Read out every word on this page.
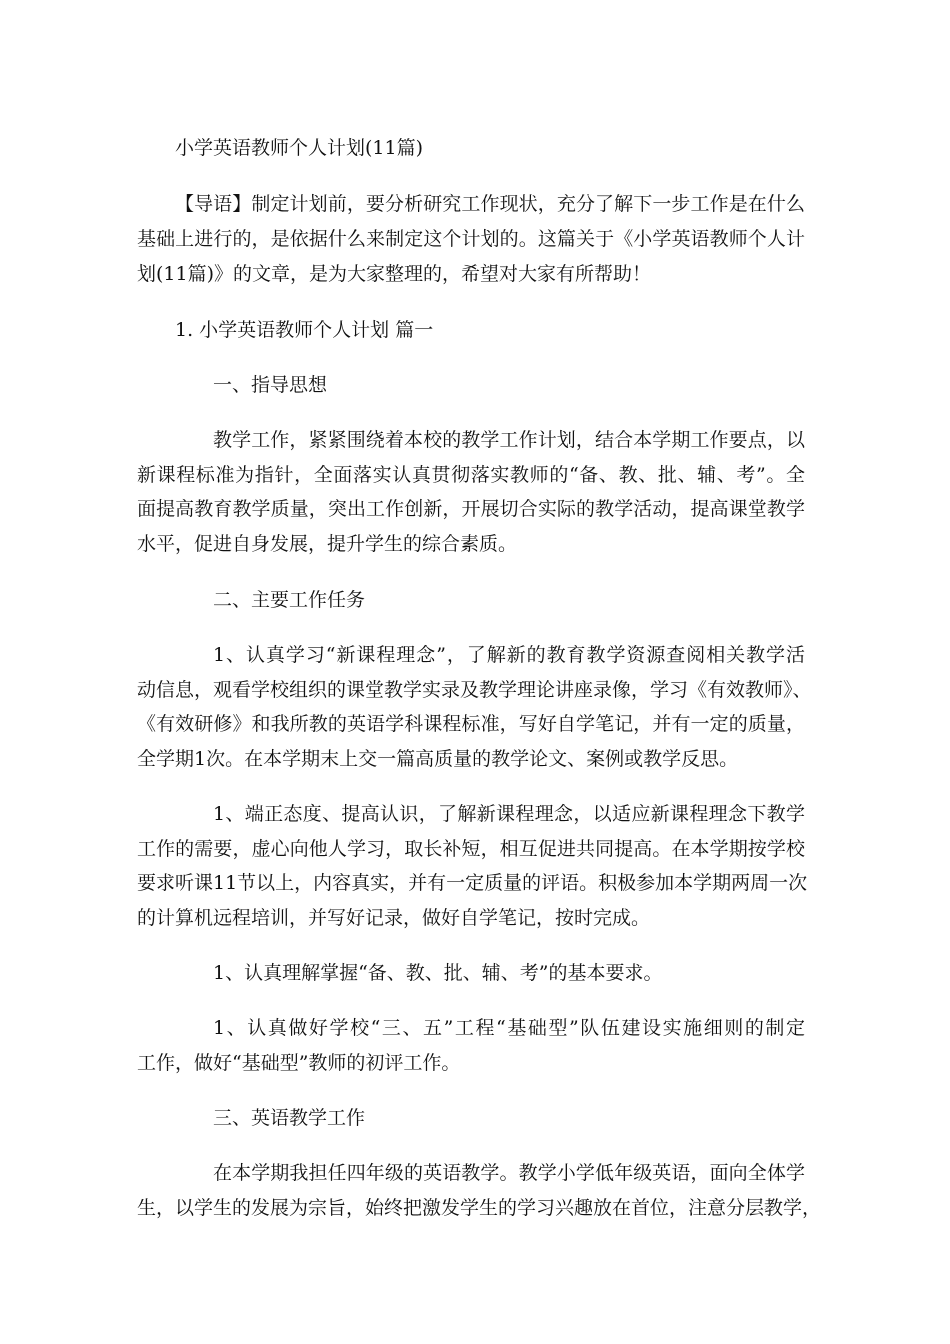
小学英语教师个人计划(11篇)
【导语】制定计划前，要分析研究工作现状，充分了解下一步工作是在什么
基础上进行的，是依据什么来制定这个计划的。这篇关于《小学英语教师个人计
划(11篇)》的文章，是为大家整理的，希望对大家有所帮助！
1. 小学英语教师个人计划 篇一
一、指导思想
教学工作，紧紧围绕着本校的教学工作计划，结合本学期工作要点，以
新课程标准为指针，全面落实认真贯彻落实教师的“备、教、批、辅、考”。全
面提高教育教学质量，突出工作创新，开展切合实际的教学活动，提高课堂教学
水平，促进自身发展，提升学生的综合素质。
二、主要工作任务
1、认真学习“新课程理念”，了解新的教育教学资源查阅相关教学活
动信息，观看学校组织的课堂教学实录及教学理论讲座录像，学习《有效教师》、
《有效研修》和我所教的英语学科课程标准，写好自学笔记，并有一定的质量，
全学期1次。在本学期末上交一篇高质量的教学论文、案例或教学反思。
1、端正态度、提高认识，了解新课程理念，以适应新课程理念下教学
工作的需要，虚心向他人学习，取长补短，相互促进共同提高。在本学期按学校
要求听课11节以上，内容真实，并有一定质量的评语。积极参加本学期两周一次
的计算机远程培训，并写好记录，做好自学笔记，按时完成。
1、认真理解掌握“备、教、批、辅、考”的基本要求。
1、认真做好学校“三、五”工程“基础型”队伍建设实施细则的制定
工作，做好“基础型”教师的初评工作。
三、英语教学工作
在本学期我担任四年级的英语教学。教学小学低年级英语，面向全体学
生，以学生的发展为宗旨，始终把激发学生的学习兴趣放在首位，注意分层教学，
